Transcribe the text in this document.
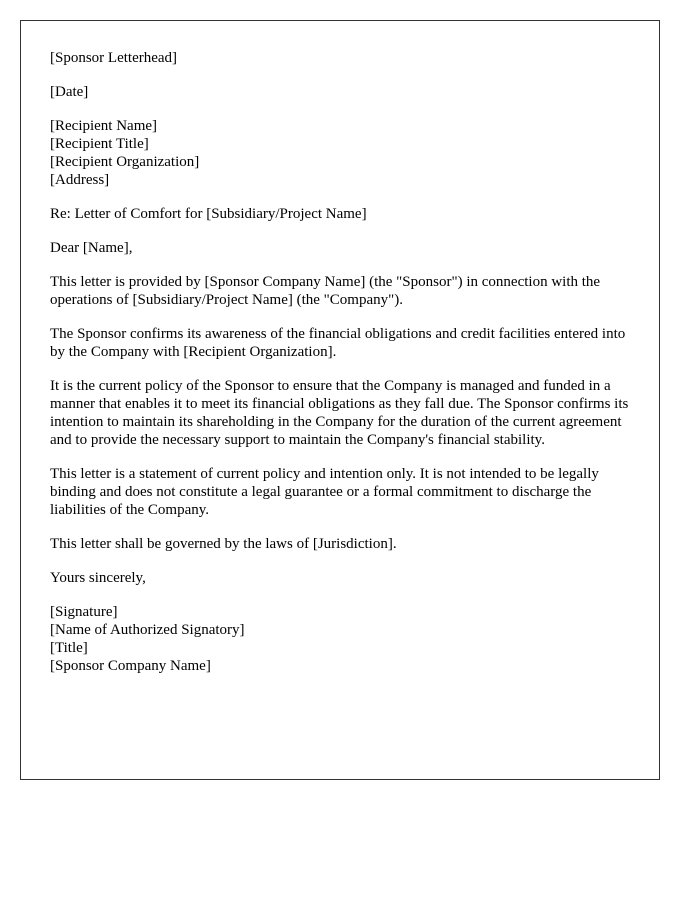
[Sponsor Letterhead]
[Date]
[Recipient Name]
[Recipient Title]
[Recipient Organization]
[Address]
Re: Letter of Comfort for [Subsidiary/Project Name]
Dear [Name],

This letter is provided by [Sponsor Company Name] (the "Sponsor") in connection with the operations of [Subsidiary/Project Name] (the "Company").

The Sponsor confirms its awareness of the financial obligations and credit facilities entered into by the Company with [Recipient Organization].

It is the current policy of the Sponsor to ensure that the Company is managed and funded in a manner that enables it to meet its financial obligations as they fall due. The Sponsor confirms its intention to maintain its shareholding in the Company for the duration of the current agreement and to provide the necessary support to maintain the Company's financial stability.

This letter is a statement of current policy and intention only. It is not intended to be legally binding and does not constitute a legal guarantee or a formal commitment to discharge the liabilities of the Company.

This letter shall be governed by the laws of [Jurisdiction].

Yours sincerely,
[Signature]
[Name of Authorized Signatory]
[Title]
[Sponsor Company Name]
